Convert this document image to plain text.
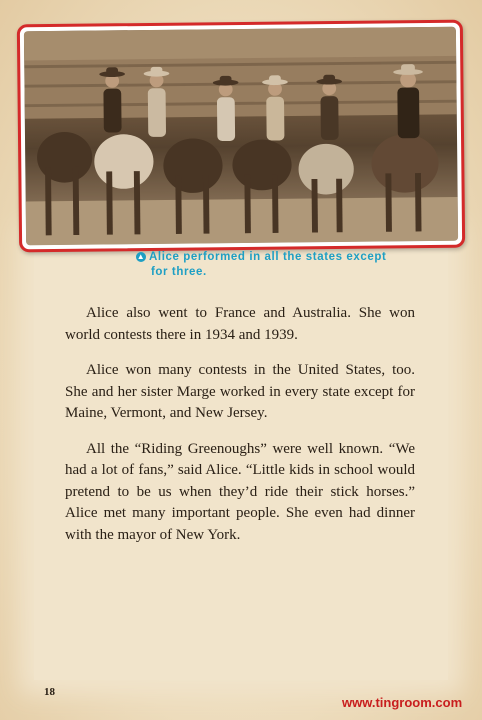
▲ Alice performed in all the states except
for three.

Alice also went to France and Australia. She won world contests there in 1934 and 1939.

Alice won many contests in the United States, too. She and her sister Marge worked in every state except for Maine, Vermont, and New Jersey.

All the “Riding Greenoughs” were well known. “We had a lot of fans,” said Alice. “Little kids in school would pretend to be us when they’d ride their stick horses.” Alice met many important people. She even had dinner with the mayor of New York.

18
www.tingroom.com
